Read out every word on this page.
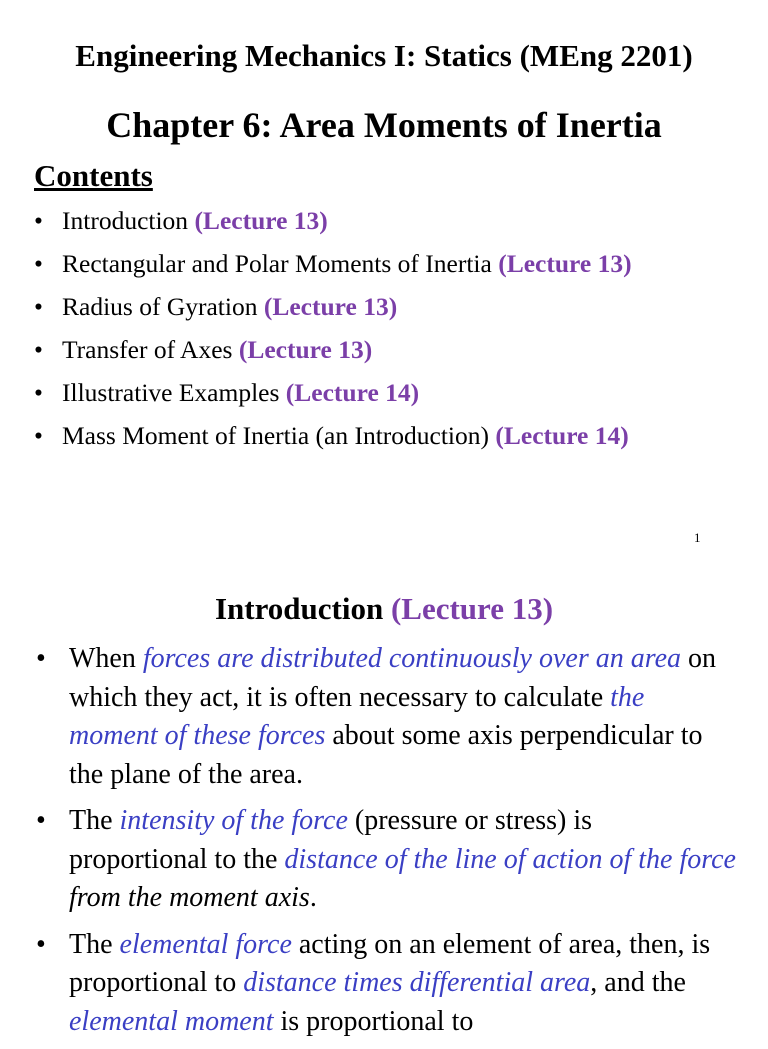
Engineering Mechanics I: Statics (MEng 2201)
Chapter 6: Area Moments of Inertia
Contents
• Introduction (Lecture 13)
• Rectangular and Polar Moments of Inertia (Lecture 13)
• Radius of Gyration (Lecture 13)
• Transfer of Axes (Lecture 13)
• Illustrative Examples (Lecture 14)
• Mass Moment of Inertia (an Introduction) (Lecture 14)
1
Introduction (Lecture 13)
• When forces are distributed continuously over an area on which they act, it is often necessary to calculate the moment of these forces about some axis perpendicular to the plane of the area.
• The intensity of the force (pressure or stress) is proportional to the distance of the line of action of the force from the moment axis.
• The elemental force acting on an element of area, then, is proportional to distance times differential area, and the elemental moment is proportional to
